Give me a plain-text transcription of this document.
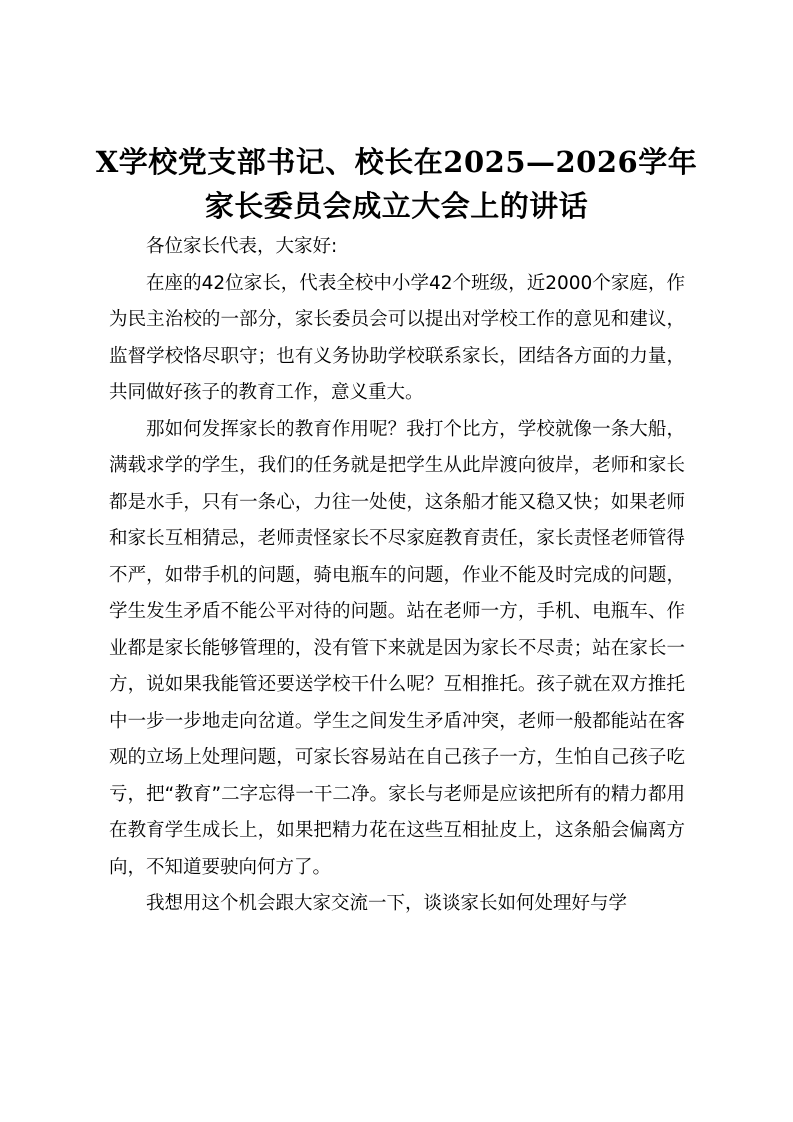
X学校党支部书记、校长在2025—2026学年家长委员会成立大会上的讲话

各位家长代表，大家好:

在座的42位家长，代表全校中小学42个班级，近2000个家庭，作为民主治校的一部分，家长委员会可以提出对学校工作的意见和建议，监督学校恪尽职守；也有义务协助学校联系家长，团结各方面的力量，共同做好孩子的教育工作，意义重大。

那如何发挥家长的教育作用呢？我打个比方，学校就像一条大船，满载求学的学生，我们的任务就是把学生从此岸渡向彼岸，老师和家长都是水手，只有一条心，力往一处使，这条船才能又稳又快；如果老师和家长互相猜忌，老师责怪家长不尽家庭教育责任，家长责怪老师管得不严，如带手机的问题，骑电瓶车的问题，作业不能及时完成的问题，学生发生矛盾不能公平对待的问题。站在老师一方，手机、电瓶车、作业都是家长能够管理的，没有管下来就是因为家长不尽责；站在家长一方，说如果我能管还要送学校干什么呢？互相推托。孩子就在双方推托中一步一步地走向岔道。学生之间发生矛盾冲突，老师一般都能站在客观的立场上处理问题，可家长容易站在自己孩子一方，生怕自己孩子吃亏，把“教育”二字忘得一干二净。家长与老师是应该把所有的精力都用在教育学生成长上，如果把精力花在这些互相扯皮上，这条船会偏离方向，不知道要驶向何方了。

我想用这个机会跟大家交流一下，谈谈家长如何处理好与学
